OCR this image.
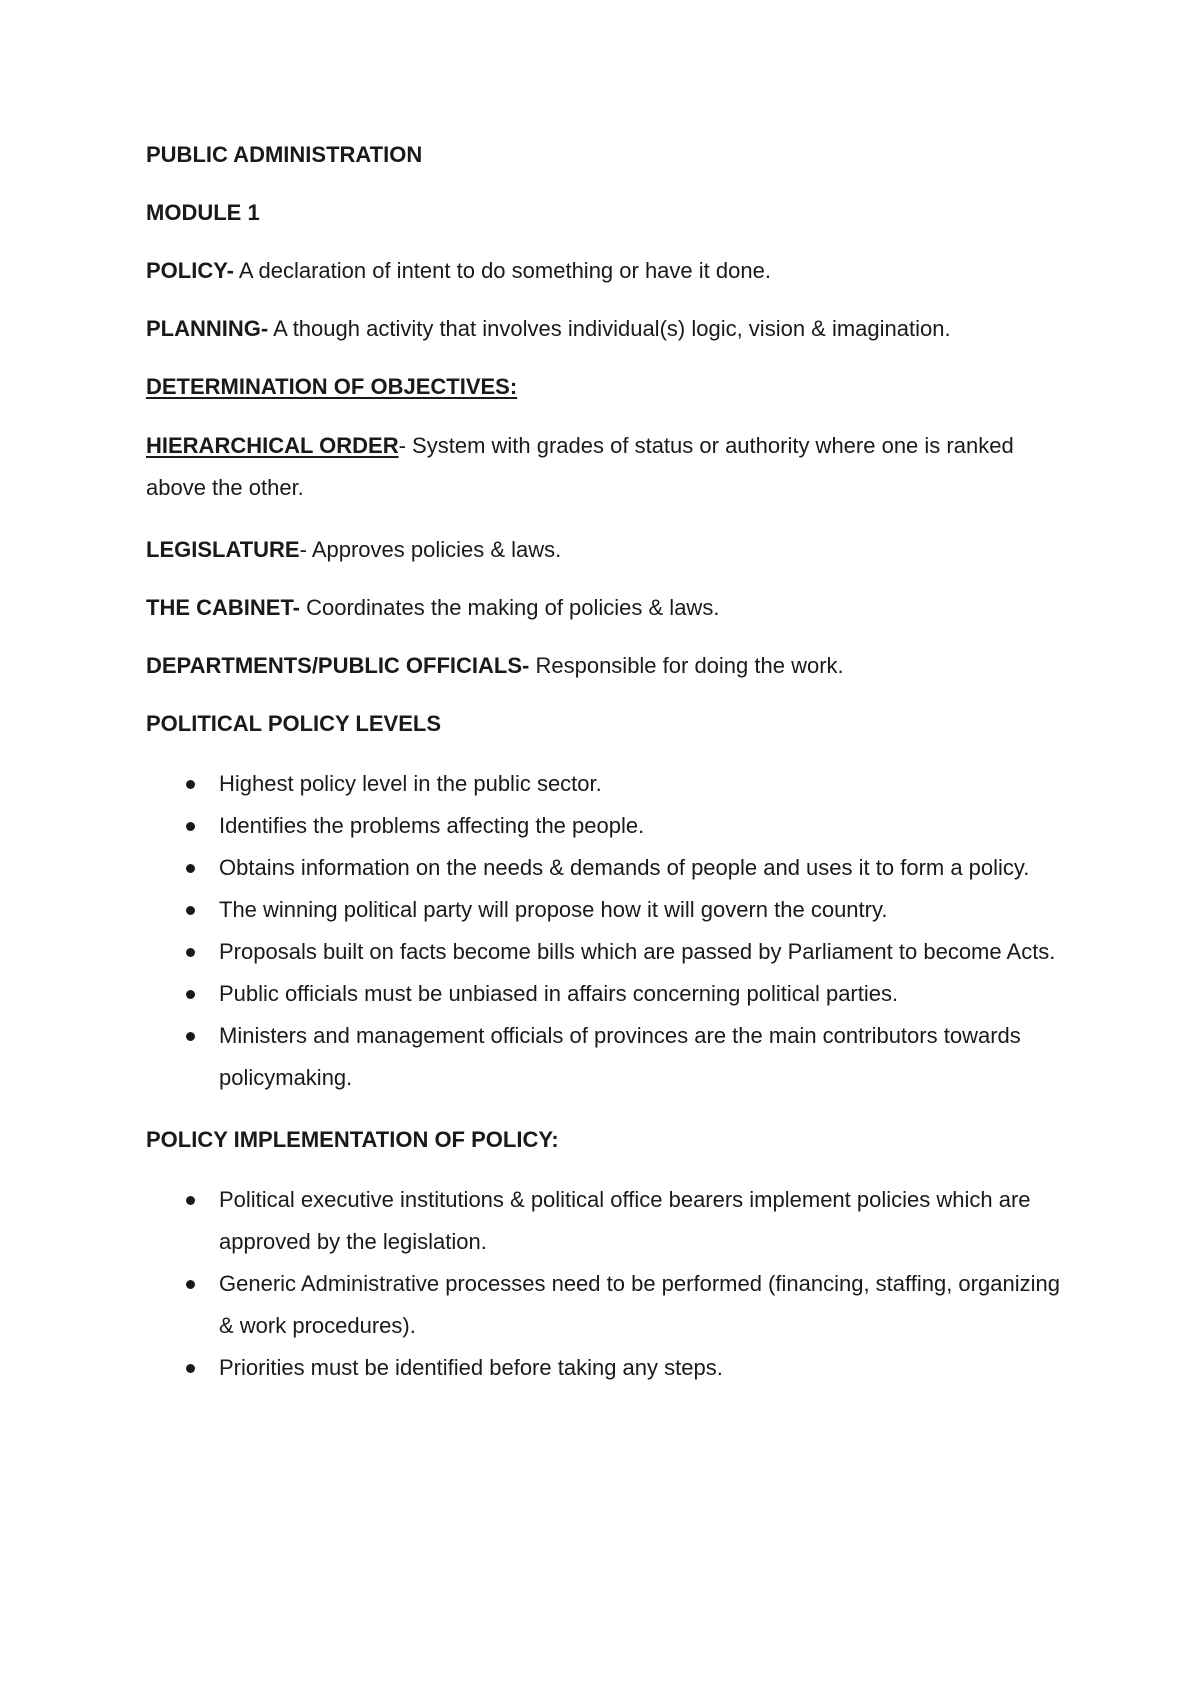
PUBLIC ADMINISTRATION

MODULE 1

POLICY- A declaration of intent to do something or have it done.

PLANNING- A though activity that involves individual(s) logic, vision & imagination.

DETERMINATION OF OBJECTIVES:

HIERARCHICAL ORDER- System with grades of status or authority where one is ranked above the other.

LEGISLATURE- Approves policies & laws.

THE CABINET- Coordinates the making of policies & laws.

DEPARTMENTS/PUBLIC OFFICIALS- Responsible for doing the work.

POLITICAL POLICY LEVELS

Highest policy level in the public sector.
Identifies the problems affecting the people.
Obtains information on the needs & demands of people and uses it to form a policy.
The winning political party will propose how it will govern the country.
Proposals built on facts become bills which are passed by Parliament to become Acts.
Public officials must be unbiased in affairs concerning political parties.
Ministers and management officials of provinces are the main contributors towards policymaking.

POLICY IMPLEMENTATION OF POLICY:

Political executive institutions & political office bearers implement policies which are approved by the legislation.
Generic Administrative processes need to be performed (financing, staffing, organizing & work procedures).
Priorities must be identified before taking any steps.
